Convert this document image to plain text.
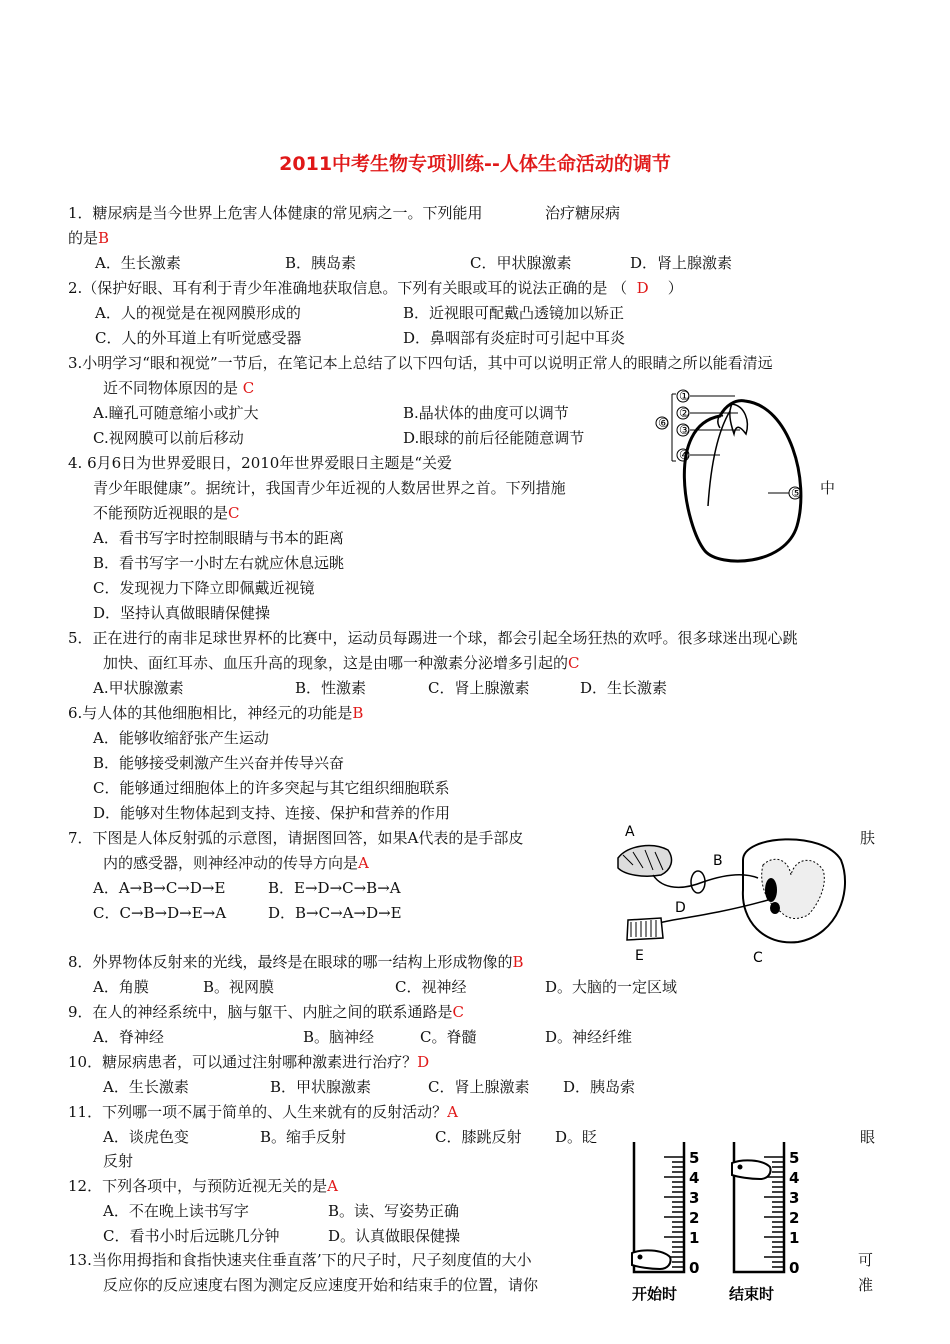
2011中考生物专项训练--人体生命活动的调节
1．糖尿病是当今世界上危害人体健康的常见病之一。下列能用	治疗糖尿病
的是B
A．生长激素	B．胰岛素	C．甲状腺激素	D．肾上腺激素
2.（保护好眼、耳有利于青少年准确地获取信息。下列有关眼或耳的说法正确的是 （ D ）
A．人的视觉是在视网膜形成的	B．近视眼可配戴凸透镜加以矫正
C．人的外耳道上有听觉感受器	D．鼻咽部有炎症时可引起中耳炎
3.小明学习“眼和视觉”一节后，在笔记本上总结了以下四句话，其中可以说明正常人的眼睛之所以能看清远
近不同物体原因的是 C
A.瞳孔可随意缩小或扩大	B.晶状体的曲度可以调节
C.视网膜可以前后移动	D.眼球的前后径能随意调节
4. 6月6日为世界爱眼日，2010年世界爱眼日主题是“关爱
青少年眼健康”。据统计，我国青少年近视的人数居世界之首。下列措施	中
不能预防近视眼的是C
A．看书写字时控制眼睛与书本的距离
B．看书写字一小时左右就应休息远眺
C．发现视力下降立即佩戴近视镜
D．坚持认真做眼睛保健操
①
②
③
④
⑤
⑥
5．正在进行的南非足球世界杯的比赛中，运动员每踢进一个球，都会引起全场狂热的欢呼。很多球迷出现心跳
加快、面红耳赤、血压升高的现象，这是由哪一种激素分泌增多引起的C
A.甲状腺激素	B．性激素	C．肾上腺激素	D．生长激素
6.与人体的其他细胞相比，神经元的功能是B
A．能够收缩舒张产生运动
B．能够接受刺激产生兴奋并传导兴奋
C．能够通过细胞体上的许多突起与其它组织细胞联系
D．能够对生物体起到支持、连接、保护和营养的作用
7．下图是人体反射弧的示意图，请据图回答，如果A代表的是手部皮	肤
内的感受器，则神经冲动的传导方向是A
A．A→B→C→D→E	B．E→D→C→B→A
C．C→B→D→E→A	D．B→C→A→D→E
A
B
C
D
E
8．外界物体反射来的光线，最终是在眼球的哪一结构上形成物像的B
A．角膜	B。视网膜	C．视神经	D。大脑的一定区域
9．在人的神经系统中，脑与躯干、内脏之间的联系通路是C
A．脊神经	B。脑神经	C。脊髓	D。神经纤维
10．糖尿病患者，可以通过注射哪种激素进行治疗？D
A．生长激素	B．甲状腺激素	C．肾上腺激素 D．胰岛索
11．下列哪一项不属于简单的、人生来就有的反射活动？A
A．谈虎色变	B。缩手反射	C．膝跳反射 D。眨	眼
反射
12．下列各项中，与预防近视无关的是A
A．不在晚上读书写字	B。读、写姿势正确
C．看书小时后远眺几分钟	D。认真做眼保健操
13.当你用拇指和食指快速夹住垂直落’下的尺子时，尺子刻度值的大小	可
反应你的反应速度右图为测定反应速度开始和结束手的位置，请你	准
5
4
3
2
1
0
5
4
3
2
1
0
开始时	结束时
